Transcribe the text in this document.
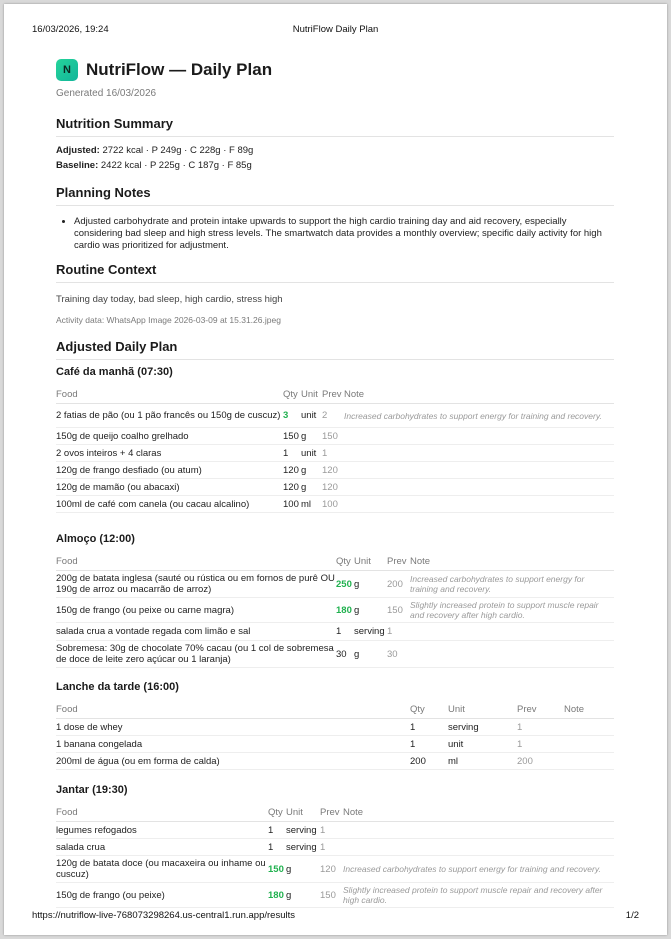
16/03/2026, 19:24	NutriFlow Daily Plan
N NutriFlow — Daily Plan
Generated 16/03/2026
Nutrition Summary
Adjusted: 2722 kcal · P 249g · C 228g · F 89g
Baseline: 2422 kcal · P 225g · C 187g · F 85g
Planning Notes
• Adjusted carbohydrate and protein intake upwards to support the high cardio training day and aid recovery, especially considering bad sleep and high stress levels. The smartwatch data provides a monthly overview; specific daily activity for high cardio was prioritized for adjustment.
Routine Context
Training day today, bad sleep, high cardio, stress high
Activity data: WhatsApp Image 2026-03-09 at 15.31.26.jpeg
Adjusted Daily Plan
Café da manhã (07:30)
Food	Qty	Unit	Prev	Note
2 fatias de pão (ou 1 pão francês ou 150g de cuscuz)	3	unit	2	Increased carbohydrates to support energy for training and recovery.
150g de queijo coalho grelhado	150	g	150	
2 ovos inteiros + 4 claras	1	unit	1	
120g de frango desfiado (ou atum)	120	g	120	
120g de mamão (ou abacaxi)	120	g	120	
100ml de café com canela (ou cacau alcalino)	100	ml	100	
Almoço (12:00)
Food	Qty	Unit	Prev	Note
200g de batata inglesa (sauté ou rústica ou em fornos de purê OU 190g de arroz ou macarrão de arroz)	250	g	200	Increased carbohydrates to support energy for training and recovery.
150g de frango (ou peixe ou carne magra)	180	g	150	Slightly increased protein to support muscle repair and recovery after high cardio.
salada crua a vontade regada com limão e sal	1	serving	1	
Sobremesa: 30g de chocolate 70% cacau (ou 1 col de sobremesa de doce de leite zero açúcar ou 1 laranja)	30	g	30	
Lanche da tarde (16:00)
Food	Qty	Unit	Prev	Note
1 dose de whey	1	serving	1	
1 banana congelada	1	unit	1	
200ml de água (ou em forma de calda)	200	ml	200	
Jantar (19:30)
Food	Qty	Unit	Prev	Note
legumes refogados	1	serving	1	
salada crua	1	serving	1	
120g de batata doce (ou macaxeira ou inhame ou cuscuz)	150	g	120	Increased carbohydrates to support energy for training and recovery.
150g de frango (ou peixe)	180	g	150	Slightly increased protein to support muscle repair and recovery after high cardio.
https://nutriflow-live-768073298264.us-central1.run.app/results	1/2
